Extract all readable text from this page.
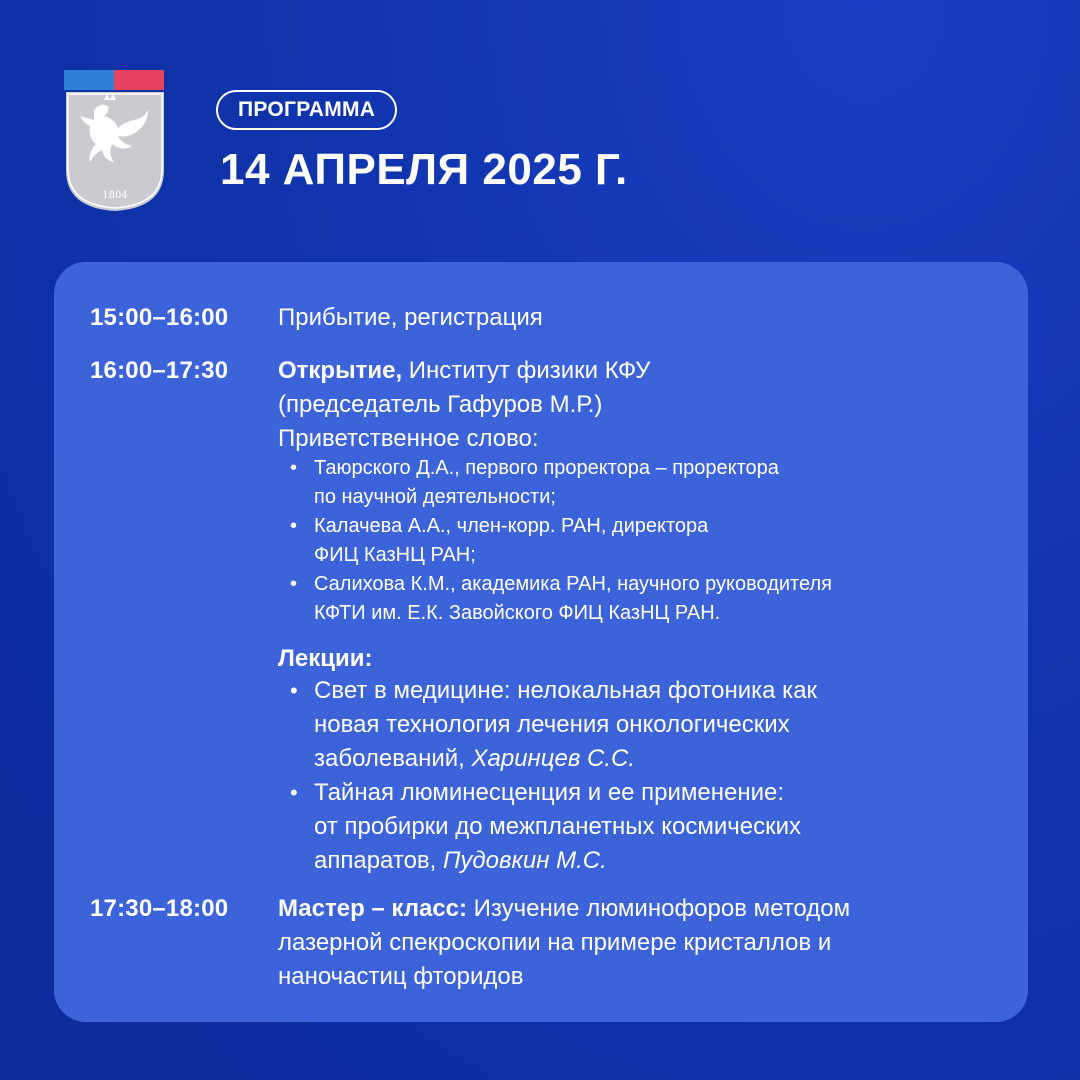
1804
ПРОГРАММА
14 АПРЕЛЯ 2025 Г.
15:00–16:00 Прибытие, регистрация
16:00–17:30 Открытие, Институт физики КФУ
(председатель Гафуров М.Р.)
Приветственное слово:
• Таюрского Д.А., первого проректора – проректора
по научной деятельности;
• Калачева А.А., член-корр. РАН, директора
ФИЦ КазНЦ РАН;
• Салихова К.М., академика РАН, научного руководителя
КФТИ им. Е.К. Завойского ФИЦ КазНЦ РАН.
Лекции:
• Свет в медицине: нелокальная фотоника как
новая технология лечения онкологических
заболеваний, Харинцев С.С.
• Тайная люминесценция и ее применение:
от пробирки до межпланетных космических
аппаратов, Пудовкин М.С.
17:30–18:00 Мастер – класс: Изучение люминофоров методом
лазерной спекроскопии на примере кристаллов и
наночастиц фторидов
